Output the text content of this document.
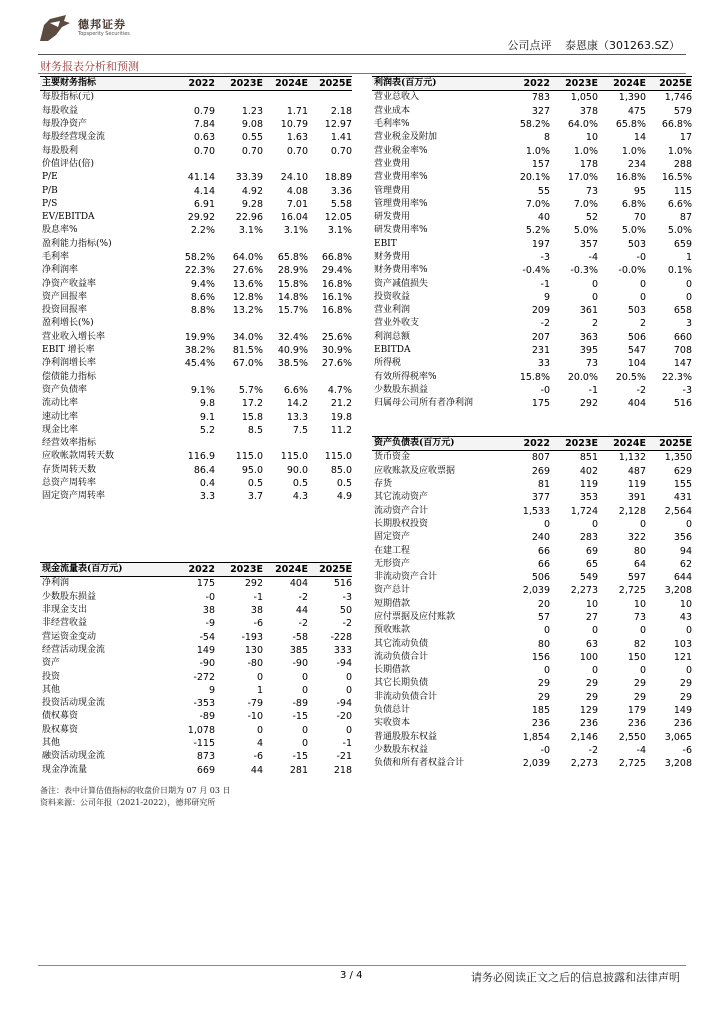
德邦证券
Topsperity Securities
公司点评 泰恩康（301263.SZ）
财务报表分析和预测
主要财务指标	2022	2023E	2024E	2025E
每股指标(元)				
每股收益	0.79	1.23	1.71	2.18
每股净资产	7.84	9.08	10.79	12.97
每股经营现金流	0.63	0.55	1.63	1.41
每股股利	0.70	0.70	0.70	0.70
价值评估(倍)				
P/E	41.14	33.39	24.10	18.89
P/B	4.14	4.92	4.08	3.36
P/S	6.91	9.28	7.01	5.58
EV/EBITDA	29.92	22.96	16.04	12.05
股息率%	2.2%	3.1%	3.1%	3.1%
盈利能力指标(%)				
毛利率	58.2%	64.0%	65.8%	66.8%
净利润率	22.3%	27.6%	28.9%	29.4%
净资产收益率	9.4%	13.6%	15.8%	16.8%
资产回报率	8.6%	12.8%	14.8%	16.1%
投资回报率	8.8%	13.2%	15.7%	16.8%
盈利增长(%)				
营业收入增长率	19.9%	34.0%	32.4%	25.6%
EBIT 增长率	38.2%	81.5%	40.9%	30.9%
净利润增长率	45.4%	67.0%	38.5%	27.6%
偿债能力指标				
资产负债率	9.1%	5.7%	6.6%	4.7%
流动比率	9.8	17.2	14.2	21.2
速动比率	9.1	15.8	13.3	19.8
现金比率	5.2	8.5	7.5	11.2
经营效率指标				
应收帐款周转天数	116.9	115.0	115.0	115.0
存货周转天数	86.4	95.0	90.0	85.0
总资产周转率	0.4	0.5	0.5	0.5
固定资产周转率	3.3	3.7	4.3	4.9
利润表(百万元)	2022	2023E	2024E	2025E
营业总收入	783	1,050	1,390	1,746
营业成本	327	378	475	579
毛利率%	58.2%	64.0%	65.8%	66.8%
营业税金及附加	8	10	14	17
营业税金率%	1.0%	1.0%	1.0%	1.0%
营业费用	157	178	234	288
营业费用率%	20.1%	17.0%	16.8%	16.5%
管理费用	55	73	95	115
管理费用率%	7.0%	7.0%	6.8%	6.6%
研发费用	40	52	70	87
研发费用率%	5.2%	5.0%	5.0%	5.0%
EBIT	197	357	503	659
财务费用	-3	-4	-0	1
财务费用率%	-0.4%	-0.3%	-0.0%	0.1%
资产减值损失	-1	0	0	0
投资收益	9	0	0	0
营业利润	209	361	503	658
营业外收支	-2	2	2	3
利润总额	207	363	506	660
EBITDA	231	395	547	708
所得税	33	73	104	147
有效所得税率%	15.8%	20.0%	20.5%	22.3%
少数股东损益	-0	-1	-2	-3
归属母公司所有者净利润	175	292	404	516
资产负债表(百万元)	2022	2023E	2024E	2025E
货币资金	807	851	1,132	1,350
应收账款及应收票据	269	402	487	629
存货	81	119	119	155
其它流动资产	377	353	391	431
流动资产合计	1,533	1,724	2,128	2,564
长期股权投资	0	0	0	0
固定资产	240	283	322	356
在建工程	66	69	80	94
无形资产	66	65	64	62
非流动资产合计	506	549	597	644
资产总计	2,039	2,273	2,725	3,208
短期借款	20	10	10	10
应付票据及应付账款	57	27	73	43
预收账款	0	0	0	0
其它流动负债	80	63	82	103
流动负债合计	156	100	150	121
长期借款	0	0	0	0
其它长期负债	29	29	29	29
非流动负债合计	29	29	29	29
负债总计	185	129	179	149
实收资本	236	236	236	236
普通股股东权益	1,854	2,146	2,550	3,065
少数股东权益	-0	-2	-4	-6
负债和所有者权益合计	2,039	2,273	2,725	3,208
现金流量表(百万元)	2022	2023E	2024E	2025E
净利润	175	292	404	516
少数股东损益	-0	-1	-2	-3
非现金支出	38	38	44	50
非经营收益	-9	-6	-2	-2
营运资金变动	-54	-193	-58	-228
经营活动现金流	149	130	385	333
资产	-90	-80	-90	-94
投资	-272	0	0	0
其他	9	1	0	0
投资活动现金流	-353	-79	-89	-94
债权募资	-89	-10	-15	-20
股权募资	1,078	0	0	0
其他	-115	4	0	-1
融资活动现金流	873	-6	-15	-21
现金净流量	669	44	281	218
备注：表中计算估值指标的收盘价日期为 07 月 03 日
资料来源：公司年报（2021-2022），德邦研究所
3 / 4	请务必阅读正文之后的信息披露和法律声明
